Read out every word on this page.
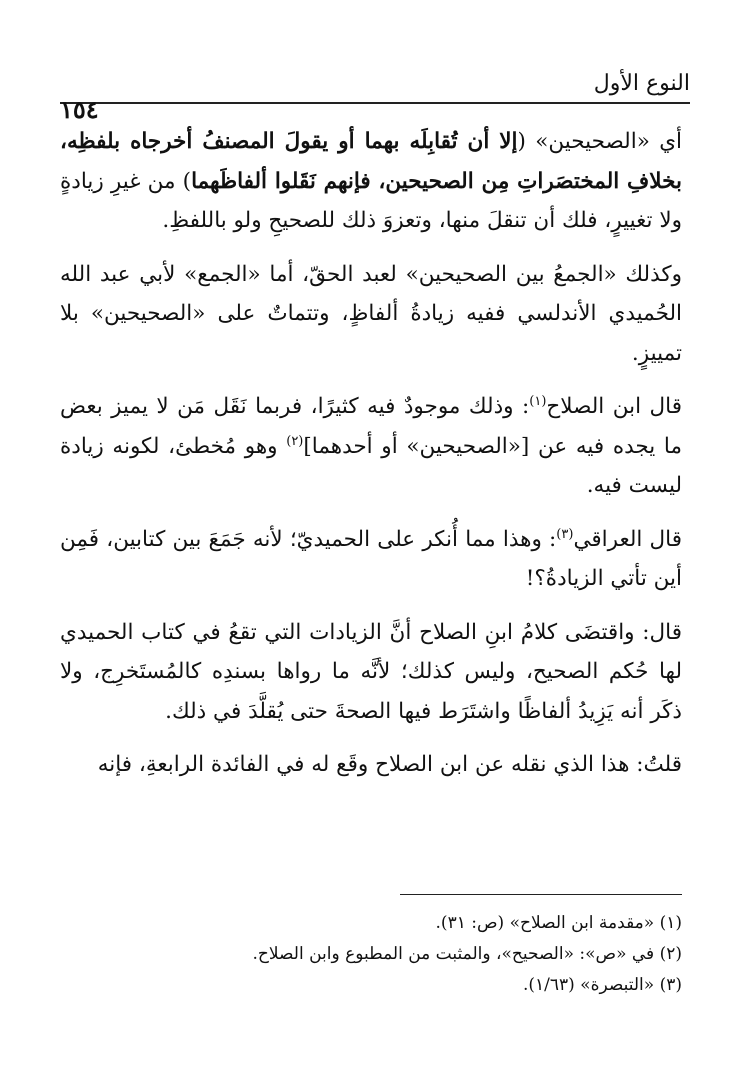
١٥٤
النوع الأول

أي «الصحيحين» (إلا أن تُقابِلَه بهما أو يقولَ المصنفُ أخرجاه بلفظِه، بخلافِ المختصَراتِ مِن الصحيحين، فإنهم نَقَلوا ألفاظَهما) من غيرِ زيادةٍ ولا تغييرٍ، فلك أن تنقلَ منها، وتعزوَ ذلك للصحيحِ ولو باللفظِ.

وكذلك «الجمعُ بين الصحيحين» لعبد الحقّ، أما «الجمع» لأبي عبد الله الحُميدي الأندلسي ففيه زيادةُ ألفاظٍ، وتتماتٌ على «الصحيحين» بلا تمييزٍ.

قال ابن الصلاح$^{(١)}$: وذلك موجودٌ فيه كثيرًا، فربما نَقَل مَن لا يميز بعض ما يجده فيه عن [«الصحيحين» أو أحدهما]$^{(٢)}$ وهو مُخطئ، لكونه زيادة ليست فيه.

قال العراقي$^{(٣)}$: وهذا مما أُنكر على الحميديّ؛ لأنه جَمَعَ بين كتابين، فَمِن أين تأتي الزيادةُ؟!

قال: واقتضَى كلامُ ابنِ الصلاح أنَّ الزيادات التي تقعُ في كتاب الحميدي لها حُكم الصحيح، وليس كذلك؛ لأنَّه ما رواها بسندِه كالمُستَخرِج، ولا ذكَر أنه يَزِيدُ ألفاظًا واشتَرَط فيها الصحةَ حتى يُقلَّدَ في ذلك.

قلتُ: هذا الذي نقله عن ابن الصلاح وقَع له في الفائدة الرابعةِ، فإنه

(١) «مقدمة ابن الصلاح» (ص: ٣١).

(٢) في «ص»: «الصحيح»، والمثبت من المطبوع وابن الصلاح.

(٣) «التبصرة» (١/٦٣).
